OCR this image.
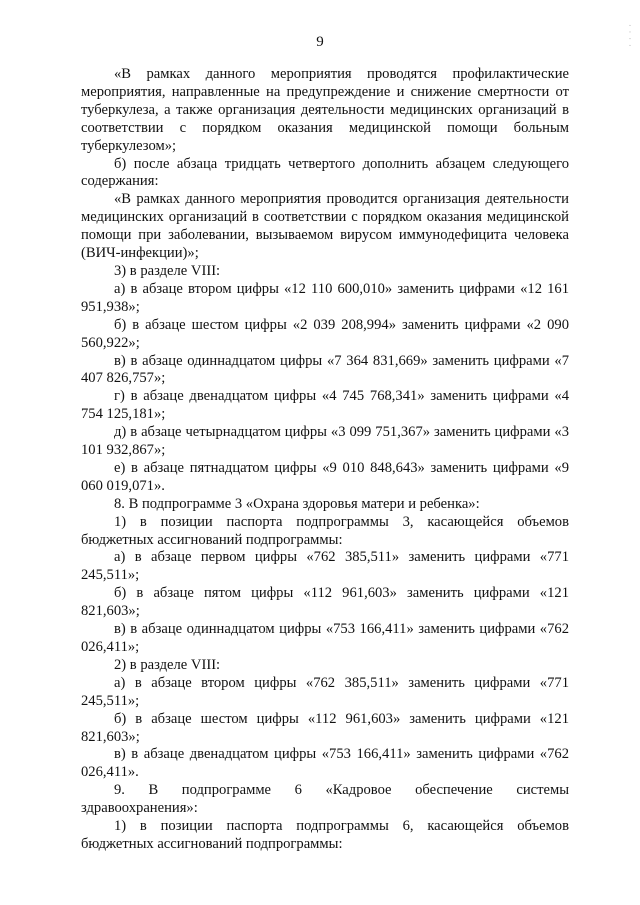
9	· · · ·

«В рамках данного мероприятия проводятся профилактические мероприятия, направленные на предупреждение и снижение смертности от туберкулеза, а также организация деятельности медицинских организаций в соответствии с порядком оказания медицинской помощи больным туберкулезом»;

б) после абзаца тридцать четвертого дополнить абзацем следующего содержания:

«В рамках данного мероприятия проводится организация деятельности медицинских организаций в соответствии с порядком оказания медицинской помощи при заболевании, вызываемом вирусом иммунодефицита человека (ВИЧ-инфекции)»;

3) в разделе VIII:

а) в абзаце втором цифры «12 110 600,010» заменить цифрами «12 161 951,938»;

б) в абзаце шестом цифры «2 039 208,994» заменить цифрами «2 090 560,922»;

в) в абзаце одиннадцатом цифры «7 364 831,669» заменить цифрами «7 407 826,757»;

г) в абзаце двенадцатом цифры «4 745 768,341» заменить цифрами «4 754 125,181»;

д) в абзаце четырнадцатом цифры «3 099 751,367» заменить цифрами «3 101 932,867»;

е) в абзаце пятнадцатом цифры «9 010 848,643» заменить цифрами «9 060 019,071».

8. В подпрограмме 3 «Охрана здоровья матери и ребенка»:

1) в позиции паспорта подпрограммы 3, касающейся объемов бюджетных ассигнований подпрограммы:

а) в абзаце первом цифры «762 385,511» заменить цифрами «771 245,511»;

б) в абзаце пятом цифры «112 961,603» заменить цифрами «121 821,603»;

в) в абзаце одиннадцатом цифры «753 166,411» заменить цифрами «762 026,411»;

2) в разделе VIII:

а) в абзаце втором цифры «762 385,511» заменить цифрами «771 245,511»;

б) в абзаце шестом цифры «112 961,603» заменить цифрами «121 821,603»;

в) в абзаце двенадцатом цифры «753 166,411» заменить цифрами «762 026,411».

9. В подпрограмме 6 «Кадровое обеспечение системы здравоохранения»:

1) в позиции паспорта подпрограммы 6, касающейся объемов бюджетных ассигнований подпрограммы:
